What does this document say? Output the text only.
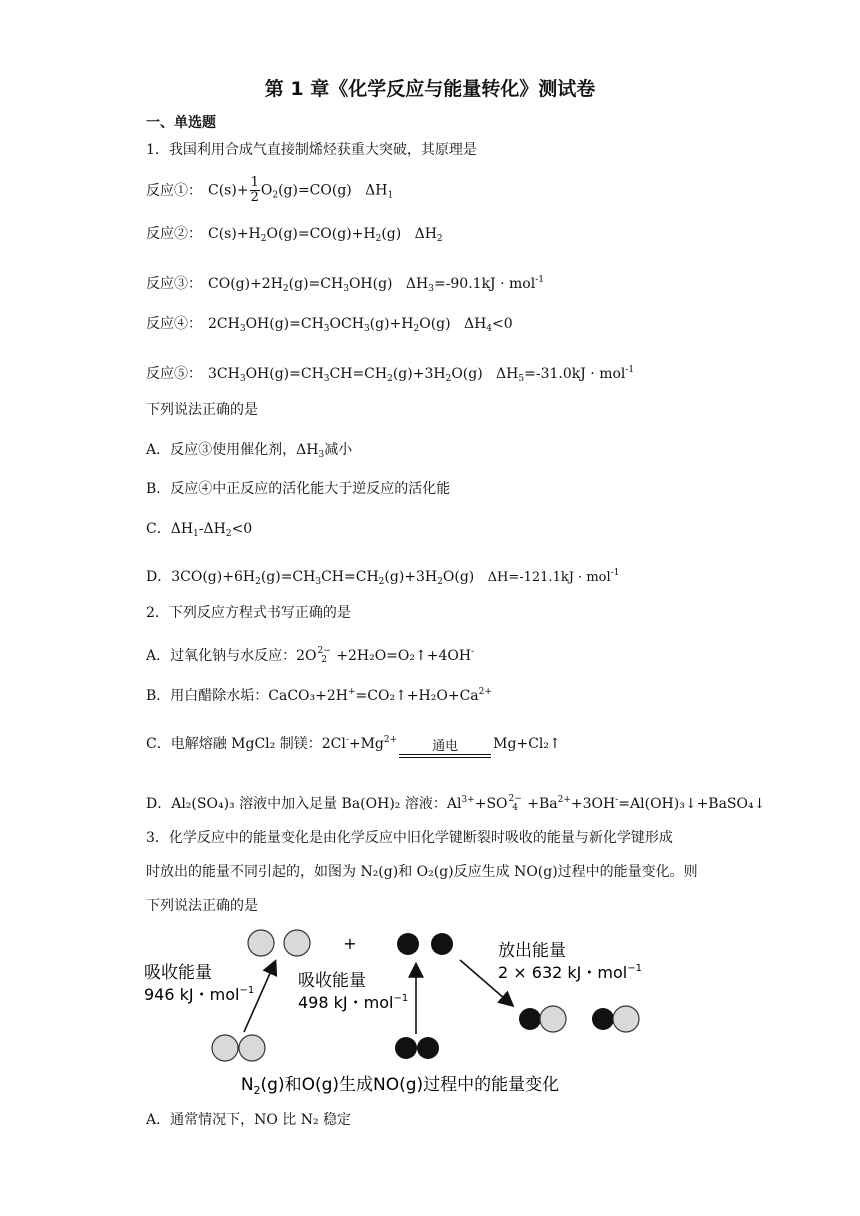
第 1 章《化学反应与能量转化》测试卷
一、单选题
1．我国利用合成气直接制烯烃获重大突破，其原理是
反应①： $C(s)+ \frac{1}{2} O_2(g)=CO(g)$ $\Delta H_1$
反应②： $C(s)+H_2O(g)=CO(g)+H_2(g)$ $\Delta H_2$
反应③： $CO(g)+2H_2(g)=CH_3OH(g) \Delta H_3=-90.1kJ \cdot mol^{-1}$
反应④： $2CH_3OH(g)=CH_3OCH_3(g)+H_2O(g)$ $\Delta H_4<0$
反应⑤： $3CH_3OH(g)=CH_3CH=CH_2(g)+3H_2O(g) \Delta H_5=-31.0kJ \cdot mol^{-1}$
下列说法正确的是
A．反应③使用催化剂，$\Delta H_3$减小
B．反应④中正反应的活化能大于逆反应的活化能
C．$\Delta H_1-\Delta H_2<0$
D．$3CO(g)+6H_2(g)=CH_3CH=CH_2(g)+3H_2O(g) \Delta H=-121.1kJ \cdot mol^{-1}$
2．下列反应方程式书写正确的是
A．过氧化钠与水反应：2O 2−
2 +2H₂O=O₂↑+4OH-
B．用白醋除水垢：$CaCO_3+2H^+=CO_2↑+H_2O+Ca^{2+}$
C．电解熔融 MgCl₂ 制镁：$2Cl^-+Mg^{2+}$	通电	Mg+Cl₂↑
D．Al₂(SO₄)₃ 溶液中加入足量 Ba(OH)₂ 溶液：$Al^{3+}+SO$ 2−
$4 +Ba^{2+}+3OH^-=Al(OH)_3↓+BaSO_4↓$
3．化学反应中的能量变化是由化学反应中旧化学键断裂时吸收的能量与新化学键形成
时放出的能量不同引起的，如图为 N₂(g)和 O₂(g)反应生成 NO(g)过程中的能量变化。则
下列说法正确的是
+
吸收能量
946 kJ・mol$^{-1}$	吸收能量
498 kJ・mol$^{-1}$
放出能量
2 × 632 kJ・mol$^{-1}$
$N_2(g)$和O(g)生成NO(g)过程中的能量变化
A．通常情况下，NO 比 N₂ 稳定
